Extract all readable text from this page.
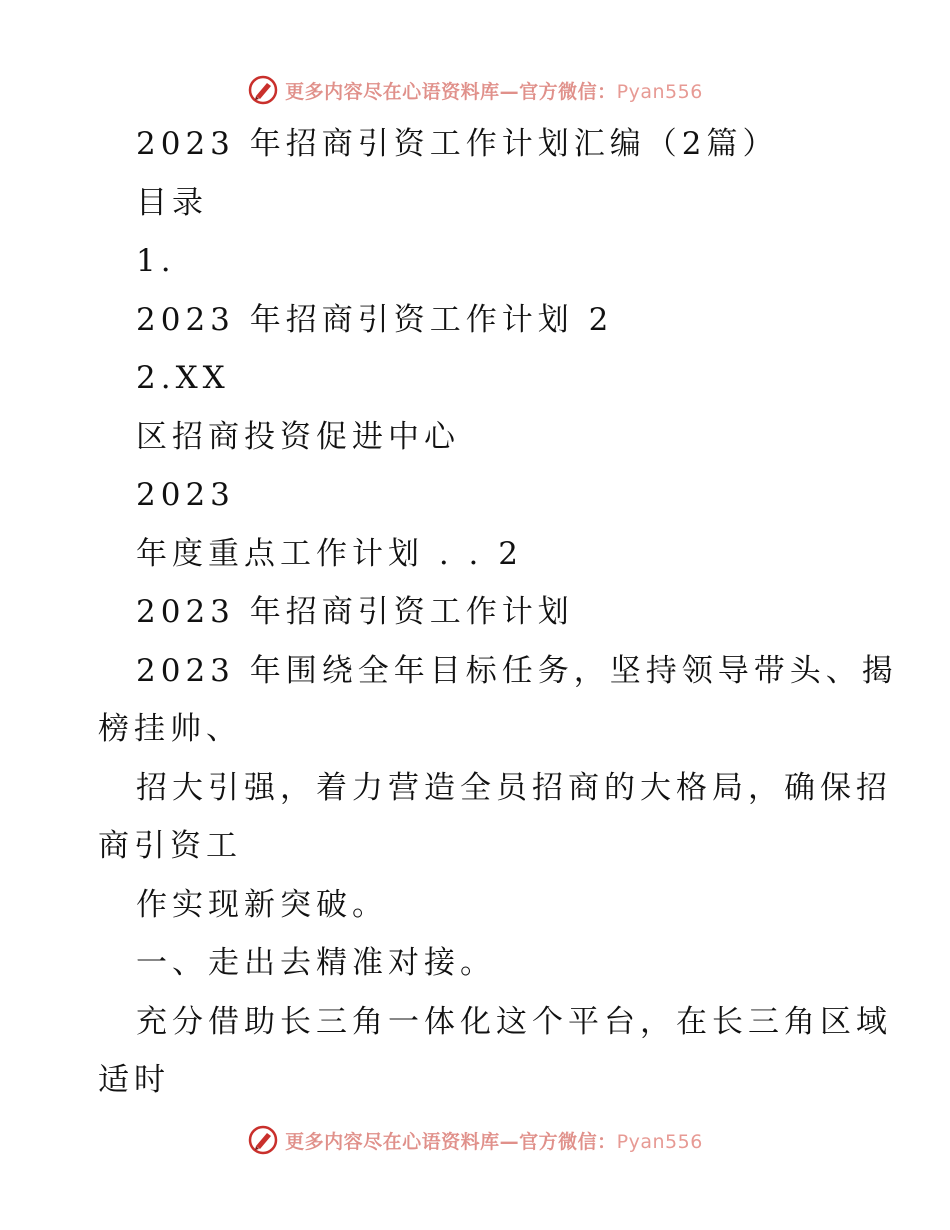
更多内容尽在心语资料库—官方微信：Pyan556
2023 年招商引资工作计划汇编（2篇）
目录
1.
2023 年招商引资工作计划 2
2.XX
区招商投资促进中心
2023
年度重点工作计划 . . 2
2023 年招商引资工作计划
2023 年围绕全年目标任务，坚持领导带头、揭
榜挂帅、
招大引强，着力营造全员招商的大格局，确保招
商引资工
作实现新突破。
一、走出去精准对接。
充分借助长三角一体化这个平台，在长三角区域
适时
更多内容尽在心语资料库—官方微信：Pyan556
